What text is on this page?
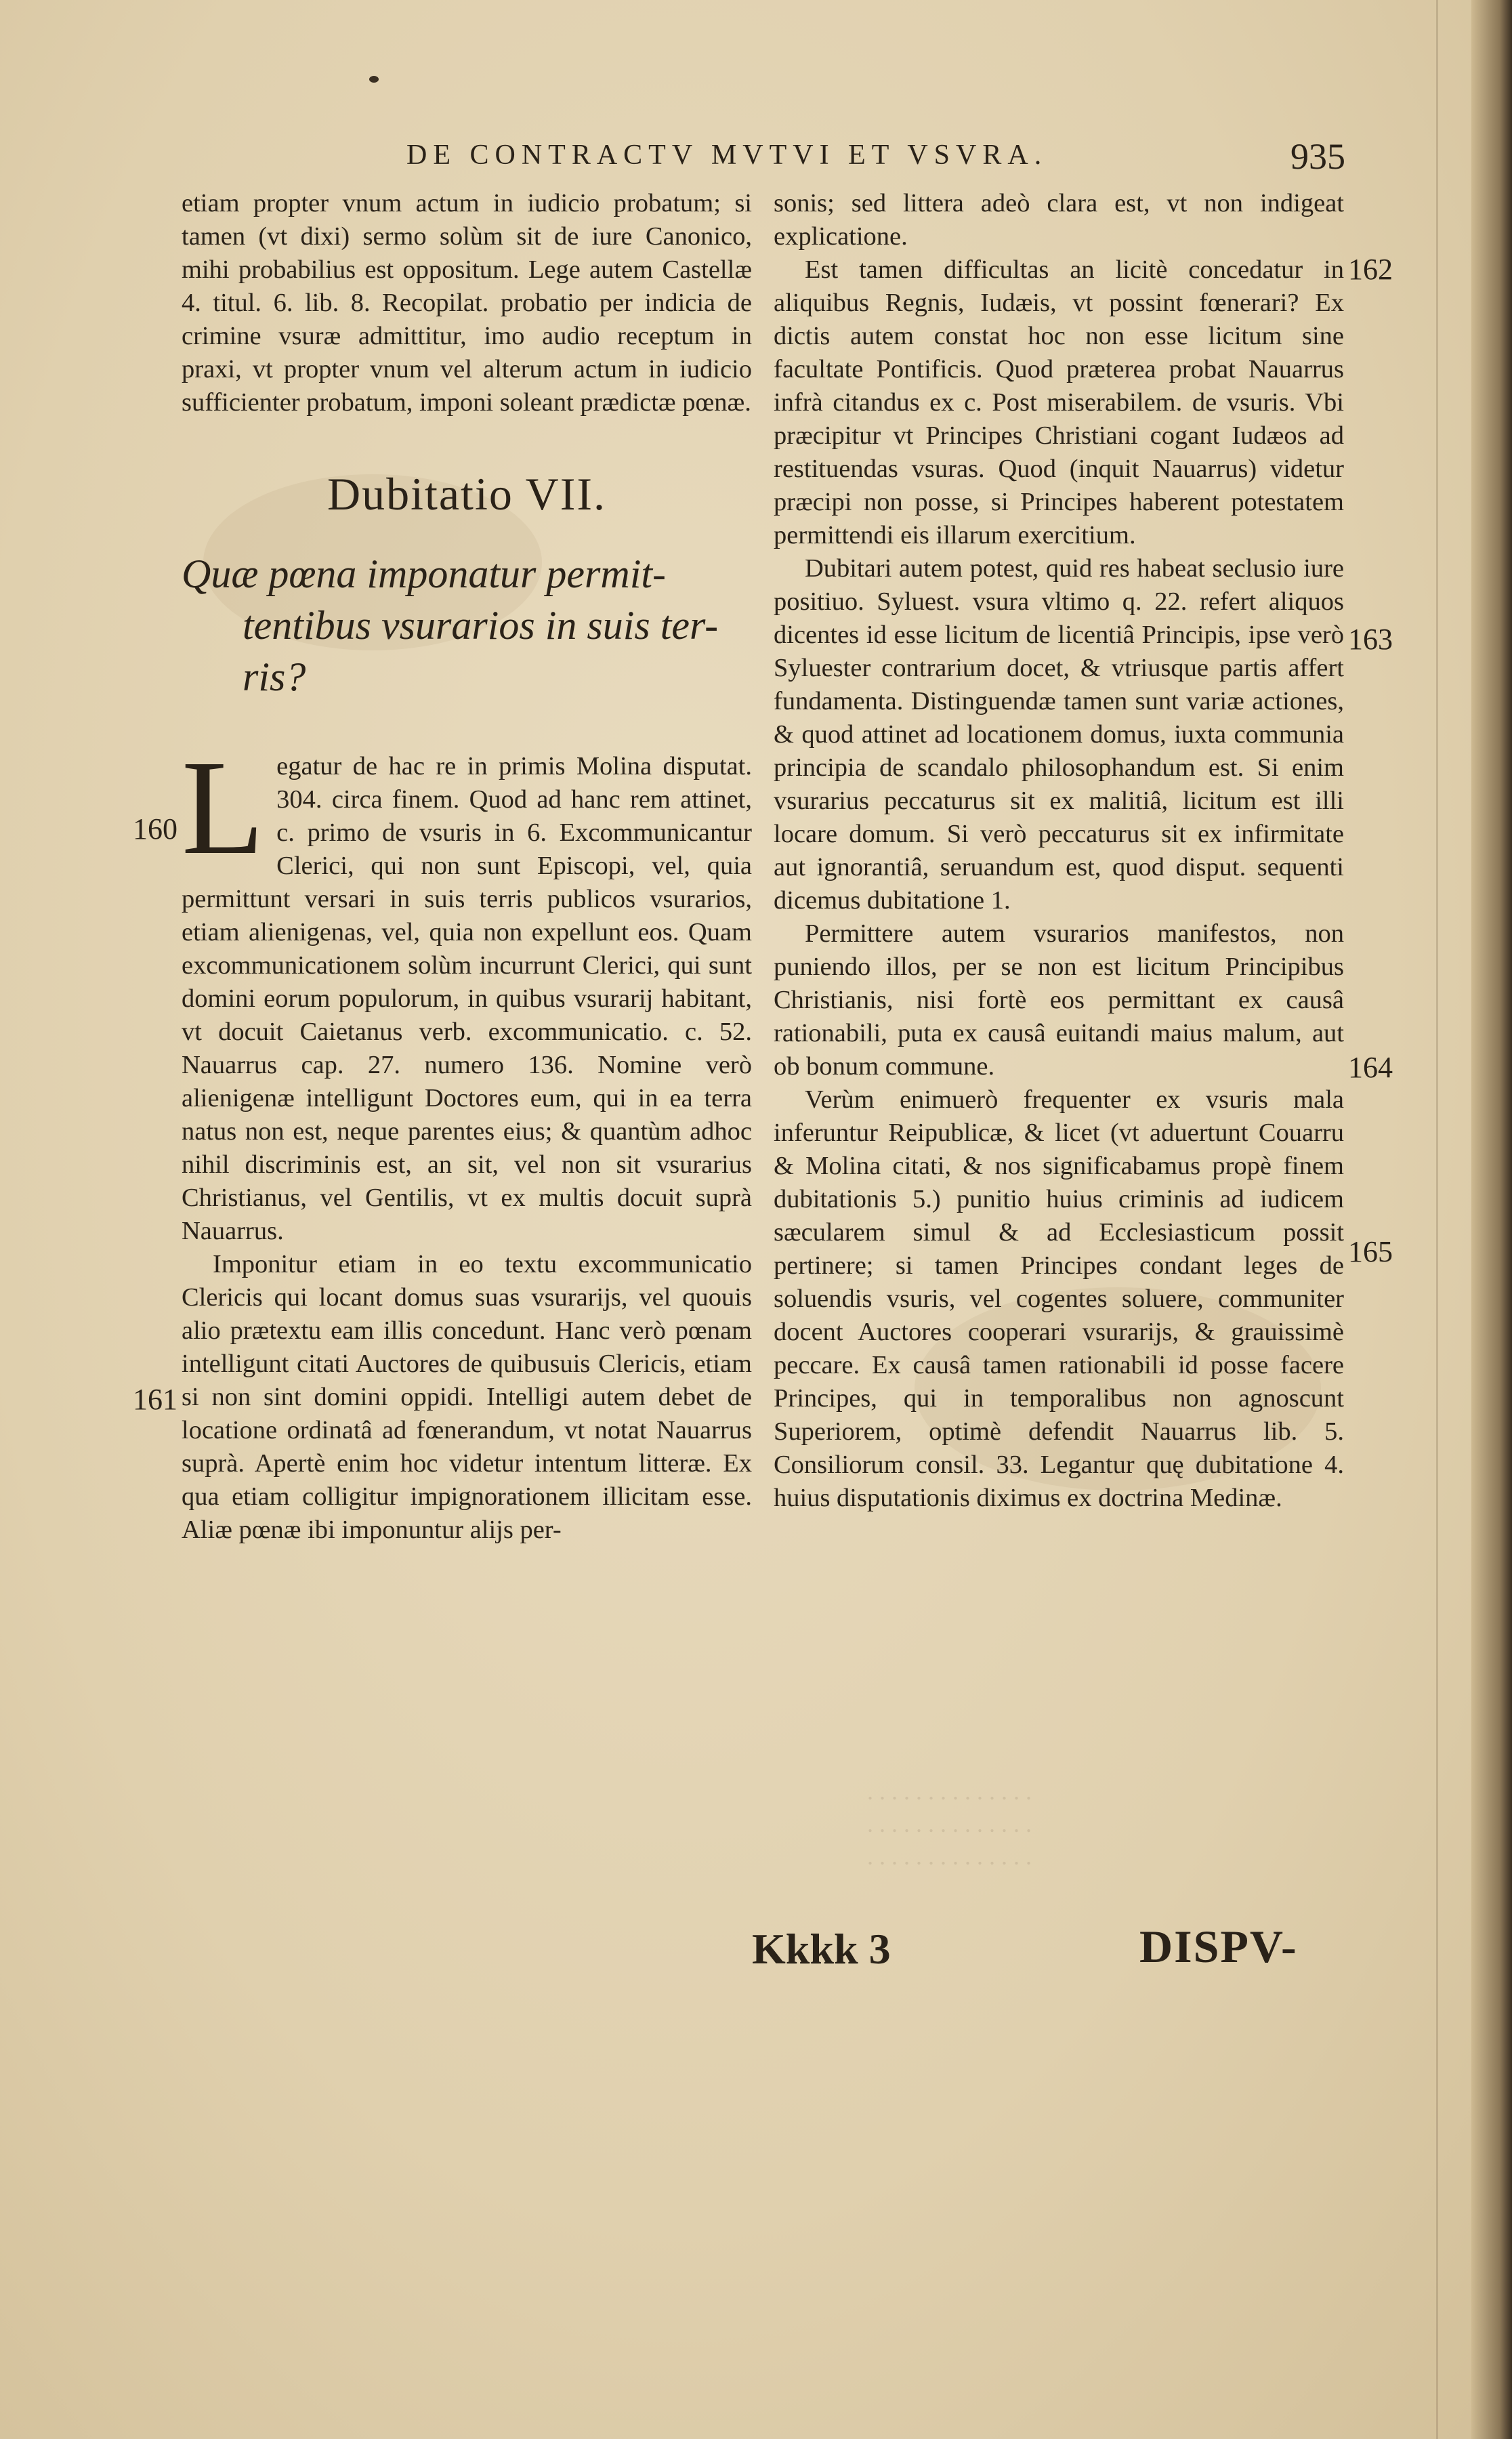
. . . . . . . . . . . . . .
. . . . . . . . . . . . . .
. . . . . . . . . . . . . .
DE CONTRACTV MVTVI ET VSVRA.	935

etiam propter vnum actum in iudicio probatum; si tamen (vt dixi) sermo solùm sit de iure Canonico, mihi probabilius est oppositum. Lege autem Castellæ 4. titul. 6. lib. 8. Recopilat. probatio per indicia de crimine vsuræ admittitur, imo audio receptum in praxi, vt propter vnum vel alterum actum in iudicio sufficienter probatum, imponi soleant prædictæ pœnæ.

Dubitatio VII.
Quæ pœna imponatur permit-
tentibus vsurarios in suis ter-
ris?

Legatur de hac re in primis Molina disputat. 304. circa finem. Quod ad hanc rem attinet, c. primo de vsuris in 6. Excommunicantur Clerici, qui non sunt Episcopi, vel, quia permittunt versari in suis terris publicos vsurarios, etiam alienigenas, vel, quia non expellunt eos. Quam excommunicationem solùm incurrunt Clerici, qui sunt domini eorum populorum, in quibus vsurarij habitant, vt docuit Caietanus verb. excommunicatio. c. 52. Nauarrus cap. 27. numero 136. Nomine verò alienigenæ intelligunt Doctores eum, qui in ea terra natus non est, neque parentes eius; & quantùm adhoc nihil discriminis est, an sit, vel non sit vsurarius Christianus, vel Gentilis, vt ex multis docuit suprà Nauarrus.

Imponitur etiam in eo textu excommunicatio Clericis qui locant domus suas vsurarijs, vel quouis alio prætextu eam illis concedunt. Hanc verò pœnam intelligunt citati Auctores de quibusuis Clericis, etiam si non sint domini oppidi. Intelligi autem debet de locatione ordinatâ ad fœnerandum, vt notat Nauarrus suprà. Apertè enim hoc videtur intentum litteræ. Ex qua etiam colligitur impignorationem illicitam esse. Aliæ pœnæ ibi imponuntur alijs per-

sonis; sed littera adeò clara est, vt non indigeat explicatione.

Est tamen difficultas an licitè concedatur in aliquibus Regnis, Iudæis, vt possint fœnerari? Ex dictis autem constat hoc non esse licitum sine facultate Pontificis. Quod præterea probat Nauarrus infrà citandus ex c. Post miserabilem. de vsuris. Vbi præcipitur vt Principes Christiani cogant Iudæos ad restituendas vsuras. Quod (inquit Nauarrus) videtur præcipi non posse, si Principes haberent potestatem permittendi eis illarum exercitium.

Dubitari autem potest, quid res habeat seclusio iure positiuo. Syluest. vsura vltimo q. 22. refert aliquos dicentes id esse licitum de licentiâ Principis, ipse verò Syluester contrarium docet, & vtriusque partis affert fundamenta. Distinguendæ tamen sunt variæ actiones, & quod attinet ad locationem domus, iuxta communia principia de scandalo philosophandum est. Si enim vsurarius peccaturus sit ex malitiâ, licitum est illi locare domum. Si verò peccaturus sit ex infirmitate aut ignorantiâ, seruandum est, quod disput. sequenti dicemus dubitatione 1.

Permittere autem vsurarios manifestos, non puniendo illos, per se non est licitum Principibus Christianis, nisi fortè eos permittant ex causâ rationabili, puta ex causâ euitandi maius malum, aut ob bonum commune.

Verùm enimuerò frequenter ex vsuris mala inferuntur Reipublicæ, & licet (vt aduertunt Couarru & Molina citati, & nos significabamus propè finem dubitationis 5.) punitio huius criminis ad iudicem sæcularem simul & ad Ecclesiasticum possit pertinere; si tamen Principes condant leges de soluendis vsuris, vel cogentes soluere, communiter docent Auctores cooperari vsurarijs, & grauissimè peccare. Ex causâ tamen rationabili id posse facere Principes, qui in temporalibus non agnoscunt Superiorem, optimè defendit Nauarrus lib. 5. Consiliorum consil. 33. Legantur quę dubitatione 4. huius disputationis diximus ex doctrina Medinæ.

160
161
162
163
164
165
Kkkk 3	DISPV-
